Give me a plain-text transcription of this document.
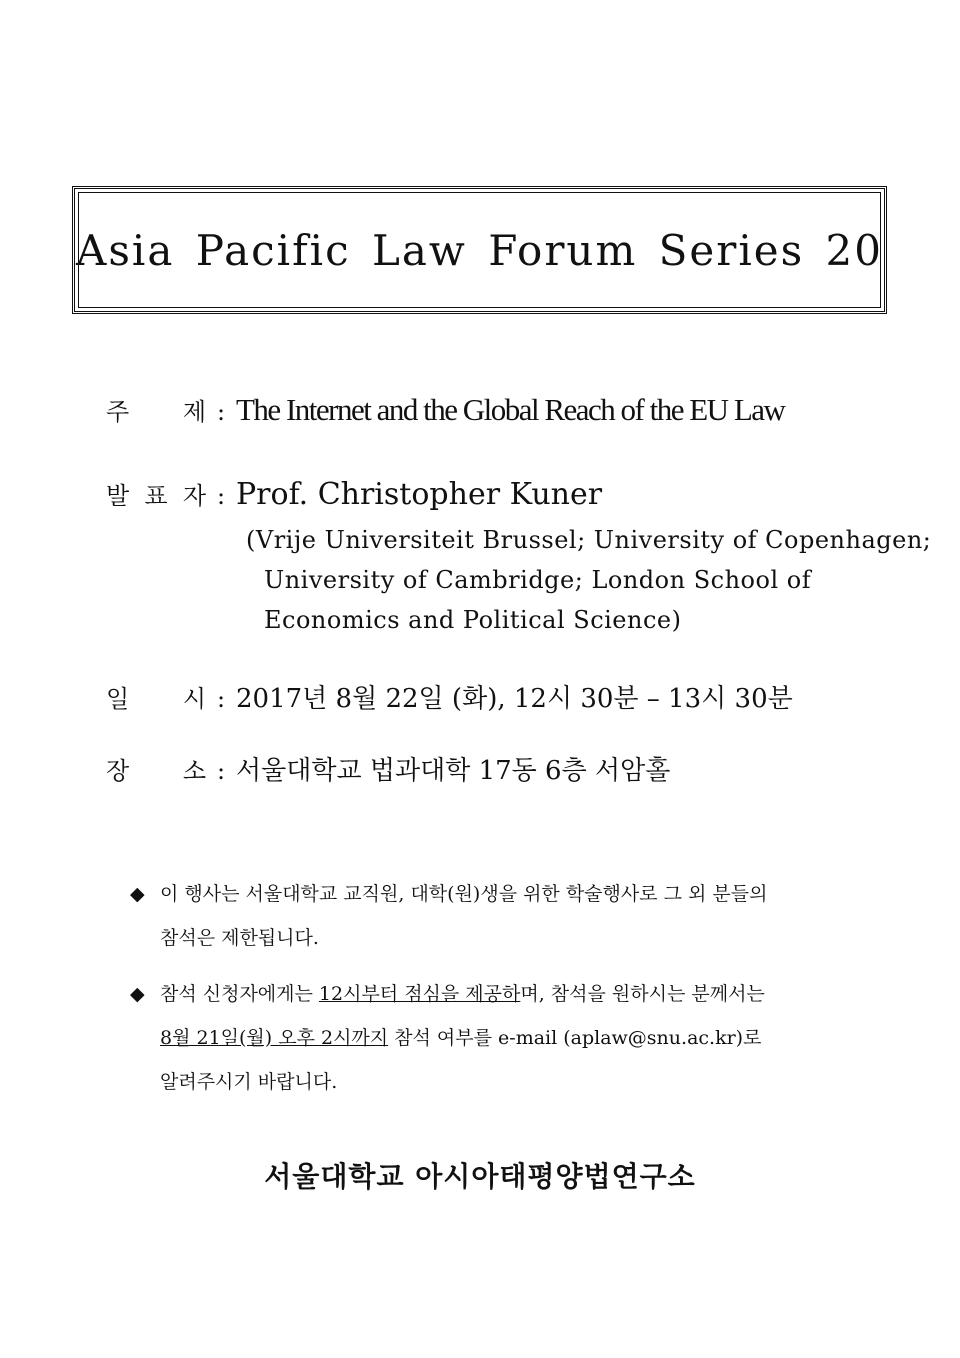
Asia Pacific Law Forum Series 20
주 제 : The Internet and the Global Reach of the EU Law
발 표 자 : Prof. Christopher Kuner
(Vrije Universiteit Brussel; University of Copenhagen;
University of Cambridge; London School of
Economics and Political Science)
일 시 : 2017년 8월 22일 (화), 12시 30분 – 13시 30분
장 소 : 서울대학교 법과대학 17동 6층 서암홀
◆ 이 행사는 서울대학교 교직원, 대학(원)생을 위한 학술행사로 그 외 분들의
참석은 제한됩니다.
◆ 참석 신청자에게는 12시부터 점심을 제공하며, 참석을 원하시는 분께서는
8월 21일(월) 오후 2시까지 참석 여부를 e-mail (aplaw@snu.ac.kr)로
알려주시기 바랍니다.
서울대학교 아시아태평양법연구소
